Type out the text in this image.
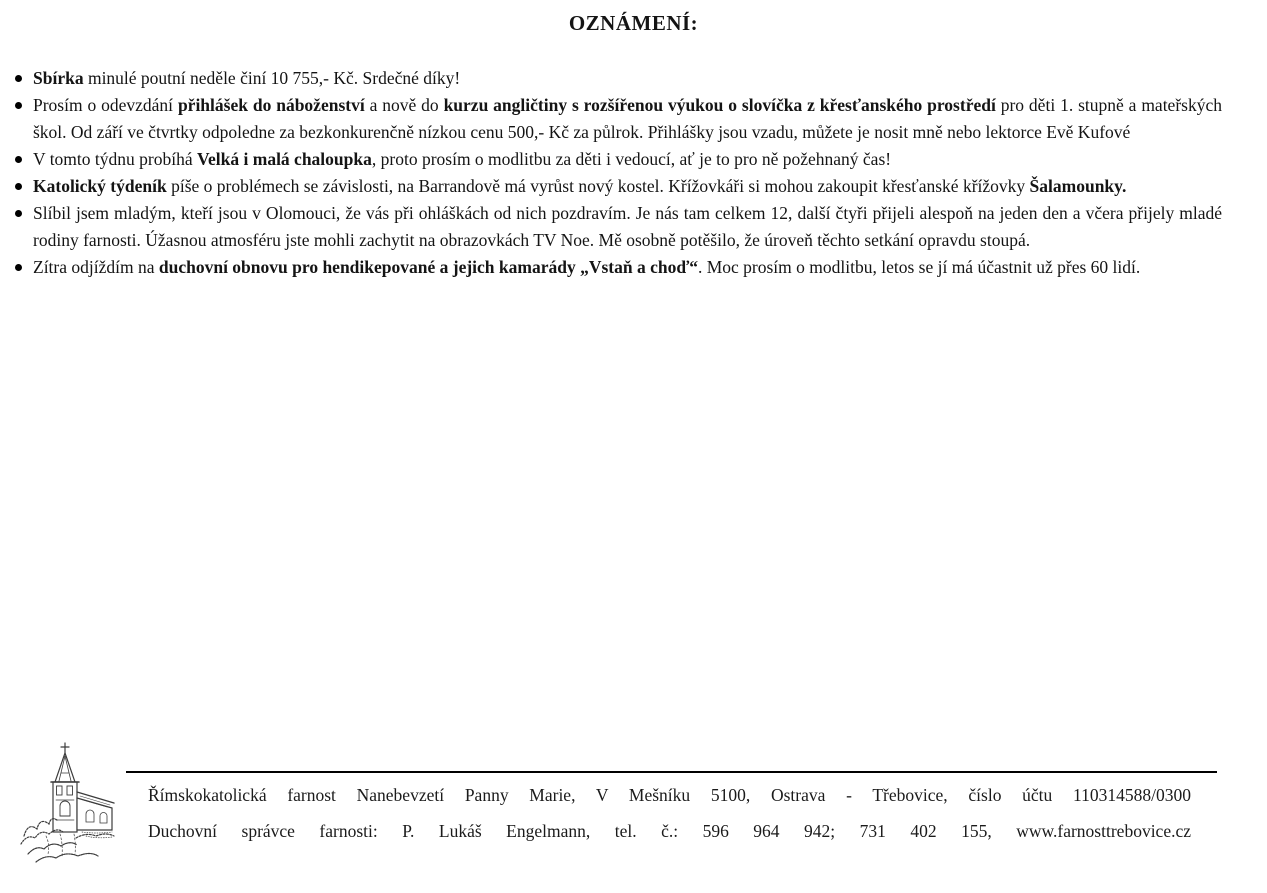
OZNÁMENÍ:
Sbírka minulé poutní neděle činí 10 755,- Kč. Srdečné díky!
Prosím o odevzdání přihlášek do náboženství a nově do kurzu angličtiny s rozšířenou výukou o slovíčka z křesťanského prostředí pro děti 1. stupně a mateřských škol. Od září ve čtvrtky odpoledne za bezkonkurenčně nízkou cenu 500,- Kč za půlrok. Přihlášky jsou vzadu, můžete je nosit mně nebo lektorce Evě Kufové
V tomto týdnu probíhá Velká i malá chaloupka, proto prosím o modlitbu za děti i vedoucí, ať je to pro ně požehnaný čas!
Katolický týdeník píše o problémech se závislosti, na Barrandově má vyrůst nový kostel. Křížovkáři si mohou zakoupit křesťanské křížovky Šalamounky.
Slíbil jsem mladým, kteří jsou v Olomouci, že vás při ohláškách od nich pozdravím. Je nás tam celkem 12, další čtyři přijeli alespoň na jeden den a včera přijely mladé rodiny farnosti. Úžasnou atmosféru jste mohli zachytit na obrazovkách TV Noe. Mě osobně potěšilo, že úroveň těchto setkání opravdu stoupá.
Zítra odjíždím na duchovní obnovu pro hendikepované a jejich kamarády „Vstaň a choď“. Moc prosím o modlitbu, letos se jí má účastnit už přes 60 lidí.
Římskokatolická farnost Nanebevzetí Panny Marie, V Mešníku 5100, Ostrava - Třebovice, číslo účtu 110314588/0300
Duchovní správce farnosti: P. Lukáš Engelmann, tel. č.: 596 964 942; 731 402 155, www.farnosttrebovice.cz
